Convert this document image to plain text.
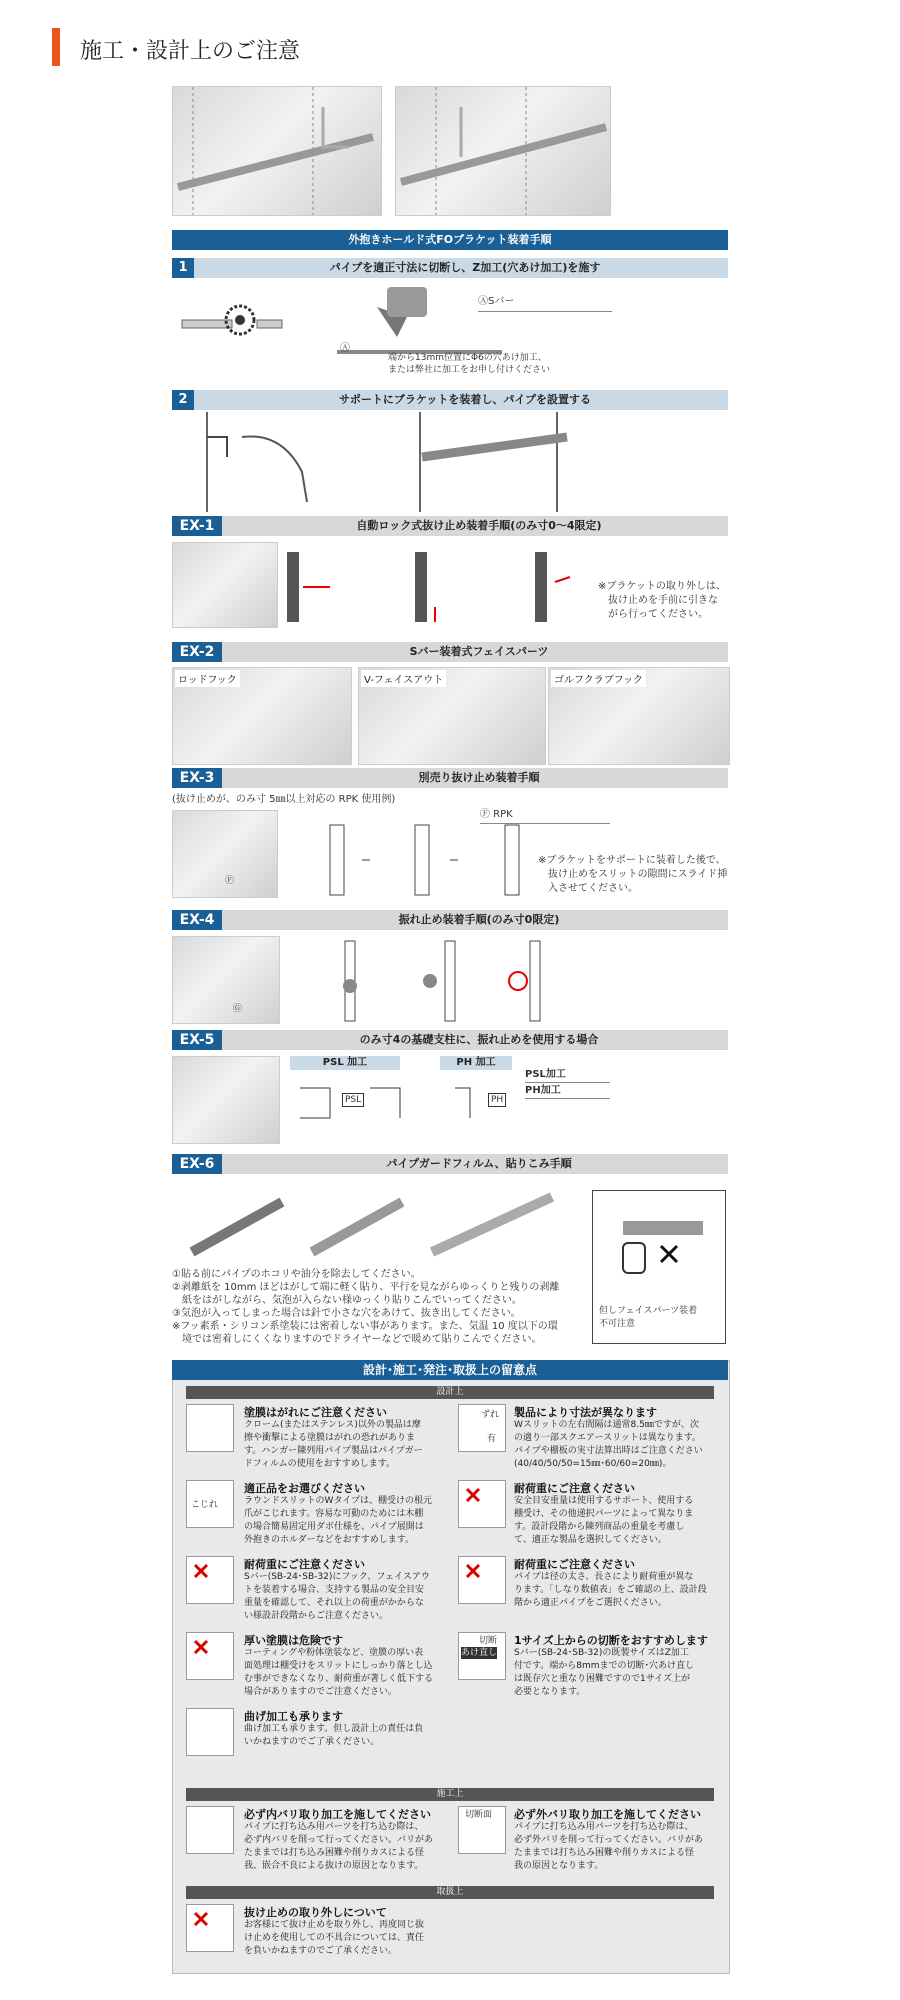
施工・設計上のご注意
外抱きホールド式FOブラケット装着手順
1	パイプを適正寸法に切断し、Z加工(穴あけ加工)を施す
ⒶSバー
Ⓐ
端から13mm位置にΦ6の穴あけ加工、
または弊社に加工をお申し付けください
2	サポートにブラケットを装着し、パイプを設置する
EX-1	自動ロック式抜け止め装着手順(のみ寸0～4限定)
※ブラケットの取り外しは、
抜け止めを手前に引きな
がら行ってください。
EX-2	Sバー装着式フェイスパーツ
ロッドフック	V-フェイスアウト	ゴルフクラブフック
EX-3	別売り抜け止め装着手順
(抜け止めが、のみ寸 5㎜以上対応の RPK 使用例)
Ⓕ
Ⓕ RPK
※ブラケットをサポートに装着した後で、
抜け止めをスリットの隙間にスライド挿
入させてください。
EX-4	振れ止め装着手順(のみ寸0限定)
Ⓖ
EX-5	のみ寸4の基礎支柱に、振れ止めを使用する場合
PSL 加工	PH 加工
PSL	PH
PSL加工
PH加工
EX-6	パイプガードフィルム、貼りこみ手順
但しフェイスパーツ装着
不可注意
①貼る前にパイプのホコリや油分を除去してください。
②剥離紙を 10mm ほどはがして端に軽く貼り、平行を見ながらゆっくりと残りの剥離
　紙をはがしながら、気泡が入らない様ゆっくり貼りこんでいってください。
③気泡が入ってしまった場合は針で小さな穴をあけて、抜き出してください。
※フッ素系・シリコン系塗装には密着しない事があります。また、気温 10 度以下の環
　境では密着しにくくなりますのでドライヤーなどで暖めて貼りこんでください。
設計･施工･発注･取扱上の留意点
設計上
塗膜はがれにご注意ください
クローム(またはステンレス)以外の製品は摩
擦や衝撃による塗膜はがれの恐れがありま
す。ハンガー陳列用パイプ製品はパイプガー
ドフィルムの使用をおすすめします。
こじれ
適正品をお選びください
ラウンドスリットのWタイプは、棚受けの根元
爪がこじれます。容易な可動のためには木棚
の場合簡易固定用ダボ仕様を、パイプ展開は
外抱きのホルダーなどをおすすめします。
耐荷重にご注意ください
Sバー(SB-24･SB-32)にフック、フェイスアウ
トを装着する場合、支持する製品の安全目安
重量を確認して、それ以上の荷重がかからな
い様設計段階からご注意ください。
厚い塗膜は危険です
コーティングや粉体塗装など、塗膜の厚い表
面処理は棚受けをスリットにしっかり落とし込
む事ができなくなり、耐荷重が著しく低下する
場合がありますのでご注意ください。
曲げ加工も承ります
曲げ加工も承ります。但し設計上の責任は負
いかねますのでご了承ください。
ずれ
有
製品により寸法が異なります
Wスリットの左右間隔は通常8.5㎜ですが、次
の適り一部スクエアースリットは異なります。
パイプや棚板の実寸法算出時はご注意ください
(40/40/50/50=15㎜･60/60=20㎜)。
耐荷重にご注意ください
安全目安重量は使用するサポート、使用する
棚受け、その他递択パーツによって異なりま
す。設計段階から陳列商品の重量を考慮し
て、適正な製品を選択してください。
耐荷重にご注意ください
パイプは径の太さ、長さにより耐荷重が異な
ります。「しなり数値表」をご確認の上、設計段
階から適正パイプをご選択ください。
切断
あけ直し
1サイズ上からの切断をおすすめします
Sバー(SB-24･SB-32)の既製サイズはZ加工
付です。端から8mmまでの切断･穴あけ直し
は既存穴と重なり困難ですので1サイズ上が
必要となります。
施工上
必ず内バリ取り加工を施してください
パイプに打ち込み用パーツを打ち込む際は、
必ず内バリを削って行ってください。バリがあ
たままでは打ち込み困難や削りカスによる怪
我、嵌合不良による抜けの原因となります。
切断面 必ず外バリ取り加工を施してください
パイプに打ち込み用パーツを打ち込む際は、
必ず外バリを削って行ってください。バリがあ
たままでは打ち込み困難や削りカスによる怪
我の原因となります。
取扱上
抜け止めの取り外しについて
お客様にて抜け止めを取り外し、再度同じ抜
け止めを使用しての不具合については、責任
を負いかねますのでご了承ください。
